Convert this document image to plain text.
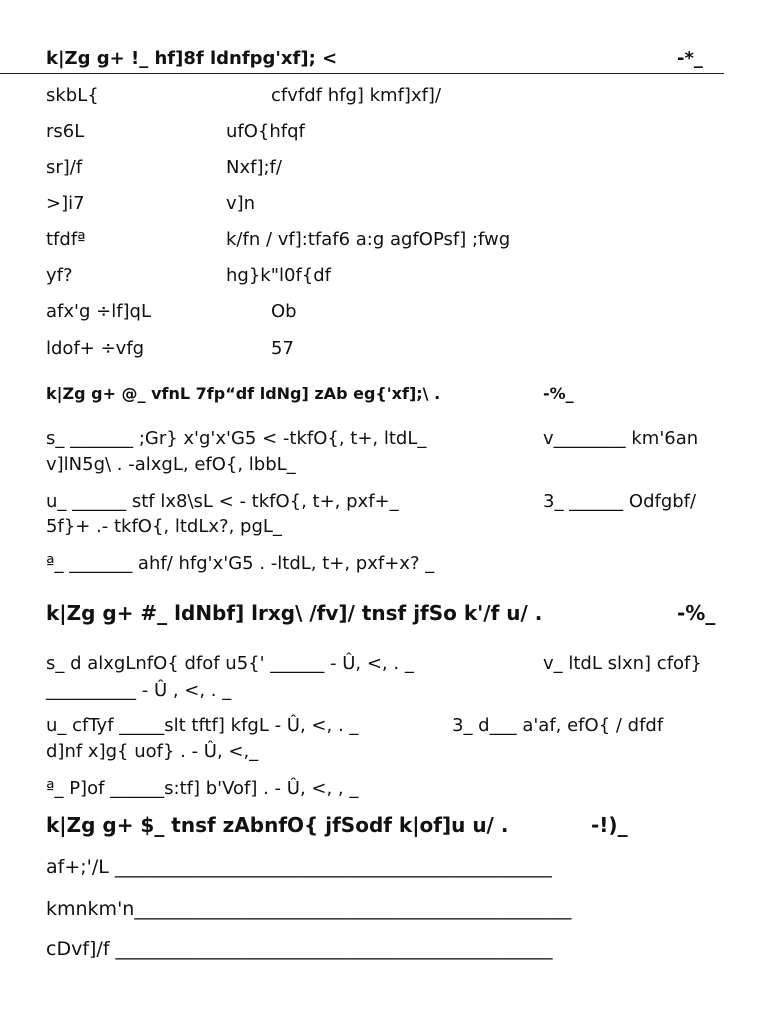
k|Zg g+ !_ hf]8f ldnfpg'xf]; <	-*_
skbL{	cfvfdf hfg] kmf]xf]/
rs6L	ufO{hfqf
sr]/f	Nxf];f/
>]i7	v]n
tfdfª	k/fn / vf]:tfaf6 a:g agfOPsf] ;fwg
yf?	hg}k"l0f{df
afx'g ÷lf]qL	Ob
ldof+ ÷vfg	57
k|Zg g+ @_ vfnL 7fp“df ldNg] zAb eg{'xf];\ .	-%_
s_ _______ ;Gr} x'g'x'G5 < -tkfO{, t+, ltdL_	v________ km'6an
v]lN5g\ . -alxgL, efO{, lbbL_
u_ ______ stf lx8\sL < - tkfO{, t+, pxf+_	3_ ______ Odfgbf/
5f}+ .- tkfO{, ltdLx?, pgL_
ª_ _______ ahf/ hfg'x'G5 . -ltdL, t+, pxf+x? _
k|Zg g+ #_ ldNbf] lrxg\ /fv]/ tnsf jfSo k'/f u/ .	-%_
s_ d alxgLnfO{ dfof u5{' ______ - Û, <, . _	v_ ltdL slxn] cfof}
__________ - Û , <, . _
u_ cfTyf _____slt tftf] kfgL - Û, <, . _	3_ d___ a'af, efO{ / dfdf
d]nf x]g{ uof} . - Û, <,_
ª_ P]of ______s:tf] b'Vof] . - Û, <, , _
k|Zg g+ $_ tnsf zAbnfO{ jfSodf k|of]u u/ .	-!)_
af+;'/L ______________________________________________
kmnkm'n______________________________________________
cDvf]/f ______________________________________________
